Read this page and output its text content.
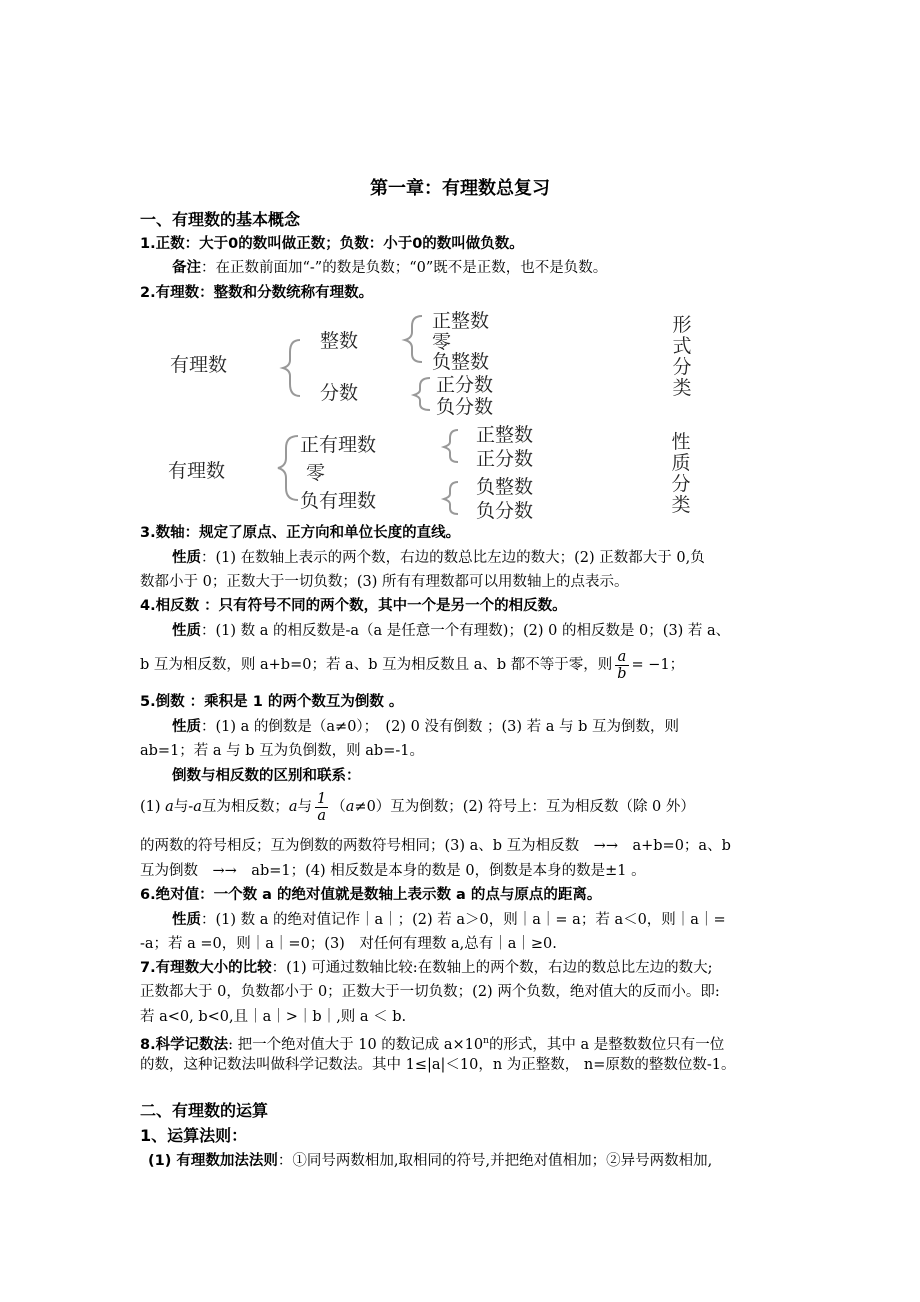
第一章：有理数总复习
一、有理数的基本概念
1.正数：大于0的数叫做正数；负数：小于0的数叫做负数。
备注：在正数前面加“-”的数是负数；“0”既不是正数，也不是负数。
2.有理数：整数和分数统称有理数。
有理数
整数
分数
正整数
零
负整数
正分数
负分数
形式分类
有理数
正有理数
零
负有理数
正整数
正分数
负整数
负分数
性质分类
3.数轴：规定了原点、正方向和单位长度的直线。
性质：(1) 在数轴上表示的两个数，右边的数总比左边的数大；(2) 正数都大于 0,负
数都小于 0；正数大于一切负数；(3) 所有有理数都可以用数轴上的点表示。
4.相反数 ：只有符号不同的两个数，其中一个是另一个的相反数。
性质：(1) 数 a 的相反数是-a（a 是任意一个有理数)；(2) 0 的相反数是 0；(3) 若 a、
b 互为相反数，则 a+b=0；若 a、b 互为相反数且 a、b 都不等于零，则 $\frac{a}{b} = -1$；
5.倒数 ：乘积是 1 的两个数互为倒数 。
性质：(1) a 的倒数是（a≠0）；　(2) 0 没有倒数 ；(3) 若 a 与 b 互为倒数，则
ab=1；若 a 与 b 互为负倒数，则 ab=-1。
倒数与相反数的区别和联系：
(1) a与-a互为相反数；a与 $\frac{1}{a} (a\ne 0)$互为倒数；(2) 符号上：互为相反数（除 0 外）
的两数的符号相反；互为倒数的两数符号相同；(3) a、b 互为相反数　→→　a+b=0；a、b
互为倒数　→→　ab=1；(4) 相反数是本身的数是 0，倒数是本身的数是±1 。
6.绝对值：一个数 a 的绝对值就是数轴上表示数 a 的点与原点的距离。
性质：(1) 数 a 的绝对值记作｜a｜；(2) 若 a＞0，则｜a｜= a；若 a＜0，则｜a｜=
-a；若 a =0，则｜a｜=0；(3)　对任何有理数 a,总有｜a｜≥0.
7.有理数大小的比较：(1) 可通过数轴比较:在数轴上的两个数，右边的数总比左边的数大;
正数都大于 0，负数都小于 0；正数大于一切负数；(2) 两个负数，绝对值大的反而小。即:
若 a<0, b<0,且｜a｜>｜b｜,则 a ＜ b.
8.科学记数法: 把一个绝对值大于 10 的数记成 $a\times 10^n$的形式，其中 a 是整数数位只有一位
的数，这种记数法叫做科学记数法。其中 1≤|a|＜10，n 为正整数， n=原数的整数位数-1。
二、有理数的运算
1、运算法则：
(1) 有理数加法法则：①同号两数相加,取相同的符号,并把绝对值相加；②异号两数相加,
